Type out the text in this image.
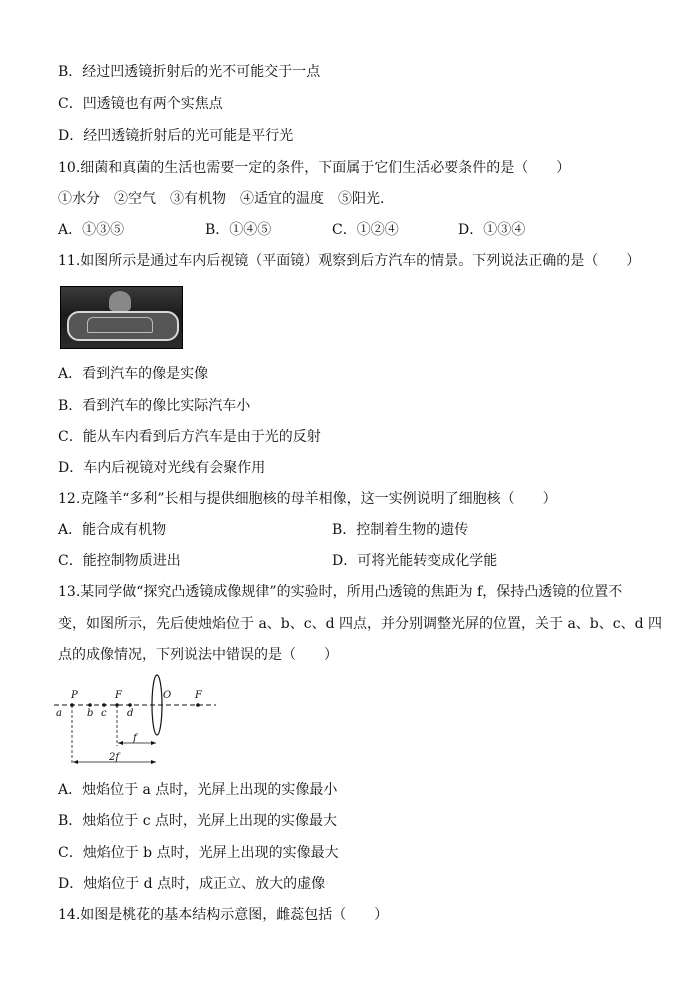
B．经过凹透镜折射后的光不可能交于一点
C．凹透镜也有两个实焦点
D．经凹透镜折射后的光可能是平行光
10.细菌和真菌的生活也需要一定的条件，下面属于它们生活必要条件的是（　　）
①水分　②空气　③有机物　④适宜的温度　⑤阳光．
A．①③⑤	B．①④⑤	C．①②④	D．①③④
11.如图所示是通过车内后视镜（平面镜）观察到后方汽车的情景。下列说法正确的是（　　）
A．看到汽车的像是实像
B．看到汽车的像比实际汽车小
C．能从车内看到后方汽车是由于光的反射
D．车内后视镜对光线有会聚作用
12.克隆羊“多利”长相与提供细胞核的母羊相像，这一实例说明了细胞核（　　）
A．能合成有机物	B．控制着生物的遗传
C．能控制物质进出	D．可将光能转变成化学能
13.某同学做“探究凸透镜成像规律”的实验时，所用凸透镜的焦距为 f，保持凸透镜的位置不
变，如图所示，先后使烛焰位于 a、b、c、d 四点，并分别调整光屏的位置，关于 a、b、c、d 四
点的成像情况，下列说法中错误的是（　　）
P	F	O F
a	b c d
f
2f
A．烛焰位于 a 点时，光屏上出现的实像最小
B．烛焰位于 c 点时，光屏上出现的实像最大
C．烛焰位于 b 点时，光屏上出现的实像最大
D．烛焰位于 d 点时，成正立、放大的虚像
14.如图是桃花的基本结构示意图，雌蕊包括（　　）
